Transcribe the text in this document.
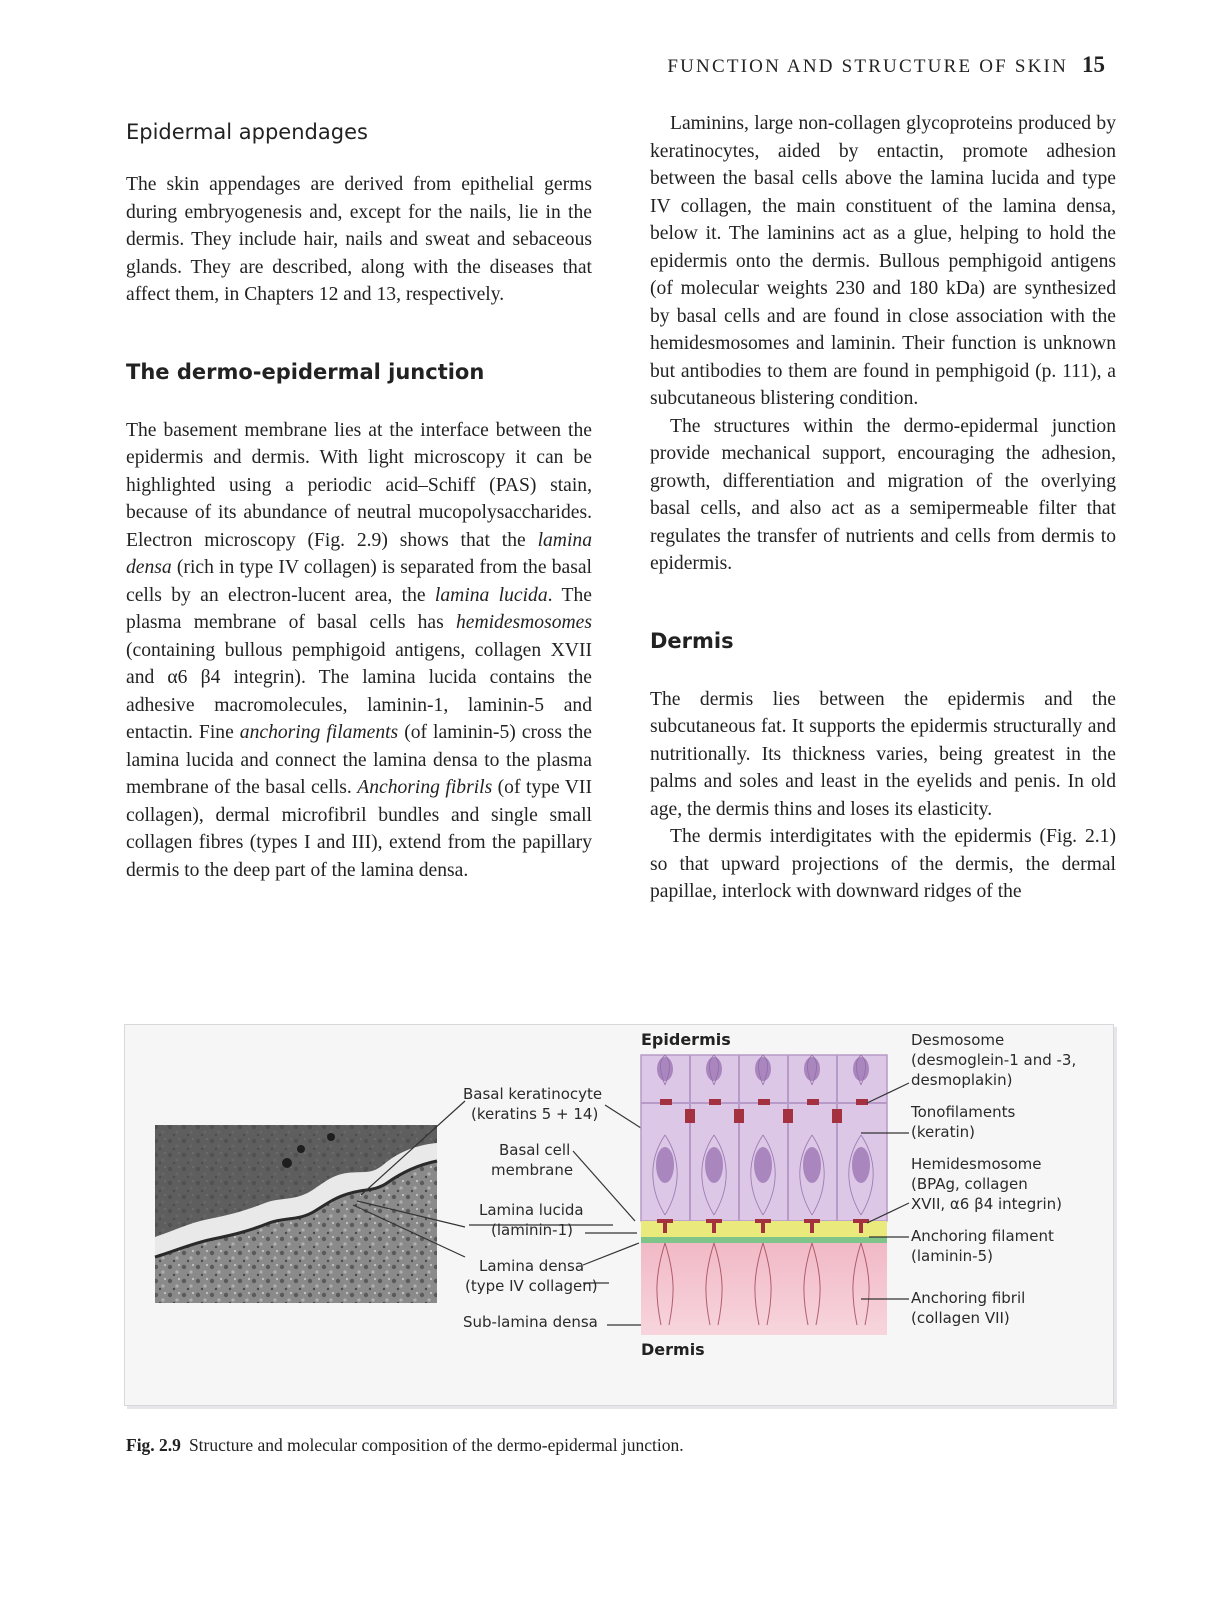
FUNCTION AND STRUCTURE OF SKIN 15
Epidermal appendages

The skin appendages are derived from epithelial germs during embryogenesis and, except for the nails, lie in the dermis. They include hair, nails and sweat and sebaceous glands. They are described, along with the diseases that affect them, in Chapters 12 and 13, respectively.

The dermo-epidermal junction

The basement membrane lies at the interface between the epidermis and dermis. With light microscopy it can be highlighted using a periodic acid–Schiff (PAS) stain, because of its abundance of neutral mucopolysaccharides. Electron microscopy (Fig. 2.9) shows that the lamina densa (rich in type IV collagen) is separated from the basal cells by an electron-lucent area, the lamina lucida. The plasma membrane of basal cells has hemidesmosomes (containing bullous pemphigoid antigens, collagen XVII and α6 β4 integrin). The lamina lucida contains the adhesive macromolecules, laminin-1, laminin-5 and entactin. Fine anchoring filaments (of laminin-5) cross the lamina lucida and connect the lamina densa to the plasma membrane of the basal cells. Anchoring fibrils (of type VII collagen), dermal microfibril bundles and single small collagen fibres (types I and III), extend from the papillary dermis to the deep part of the lamina densa.

Laminins, large non-collagen glycoproteins produced by keratinocytes, aided by entactin, promote adhesion between the basal cells above the lamina lucida and type IV collagen, the main constituent of the lamina densa, below it. The laminins act as a glue, helping to hold the epidermis onto the dermis. Bullous pemphigoid antigens (of molecular weights 230 and 180 kDa) are synthesized by basal cells and are found in close association with the hemidesmosomes and laminin. Their function is unknown but antibodies to them are found in pemphigoid (p. 111), a subcutaneous blistering condition.

The structures within the dermo-epidermal junction provide mechanical support, encouraging the adhesion, growth, differentiation and migration of the overlying basal cells, and also act as a semipermeable filter that regulates the transfer of nutrients and cells from dermis to epidermis.

Dermis

The dermis lies between the epidermis and the subcutaneous fat. It supports the epidermis structurally and nutritionally. Its thickness varies, being greatest in the palms and soles and least in the eyelids and penis. In old age, the dermis thins and loses its elasticity.

The dermis interdigitates with the epidermis (Fig. 2.1) so that upward projections of the dermis, the dermal papillae, interlock with downward ridges of the

Basal keratinocyte
(keratins 5 + 14)
Basal cell
membrane
Lamina lucida
(laminin-1)
Lamina densa
(type IV collagen)
Sub-lamina densa
Epidermis
Dermis
Desmosome
(desmoglein-1 and -3,
desmoplakin)
Tonofilaments
(keratin)
Hemidesmosome
(BPAg, collagen
XVII, α6 β4 integrin)
Anchoring filament
(laminin-5)
Anchoring fibril
(collagen VII)
Fig. 2.9 Structure and molecular composition of the dermo-epidermal junction.
